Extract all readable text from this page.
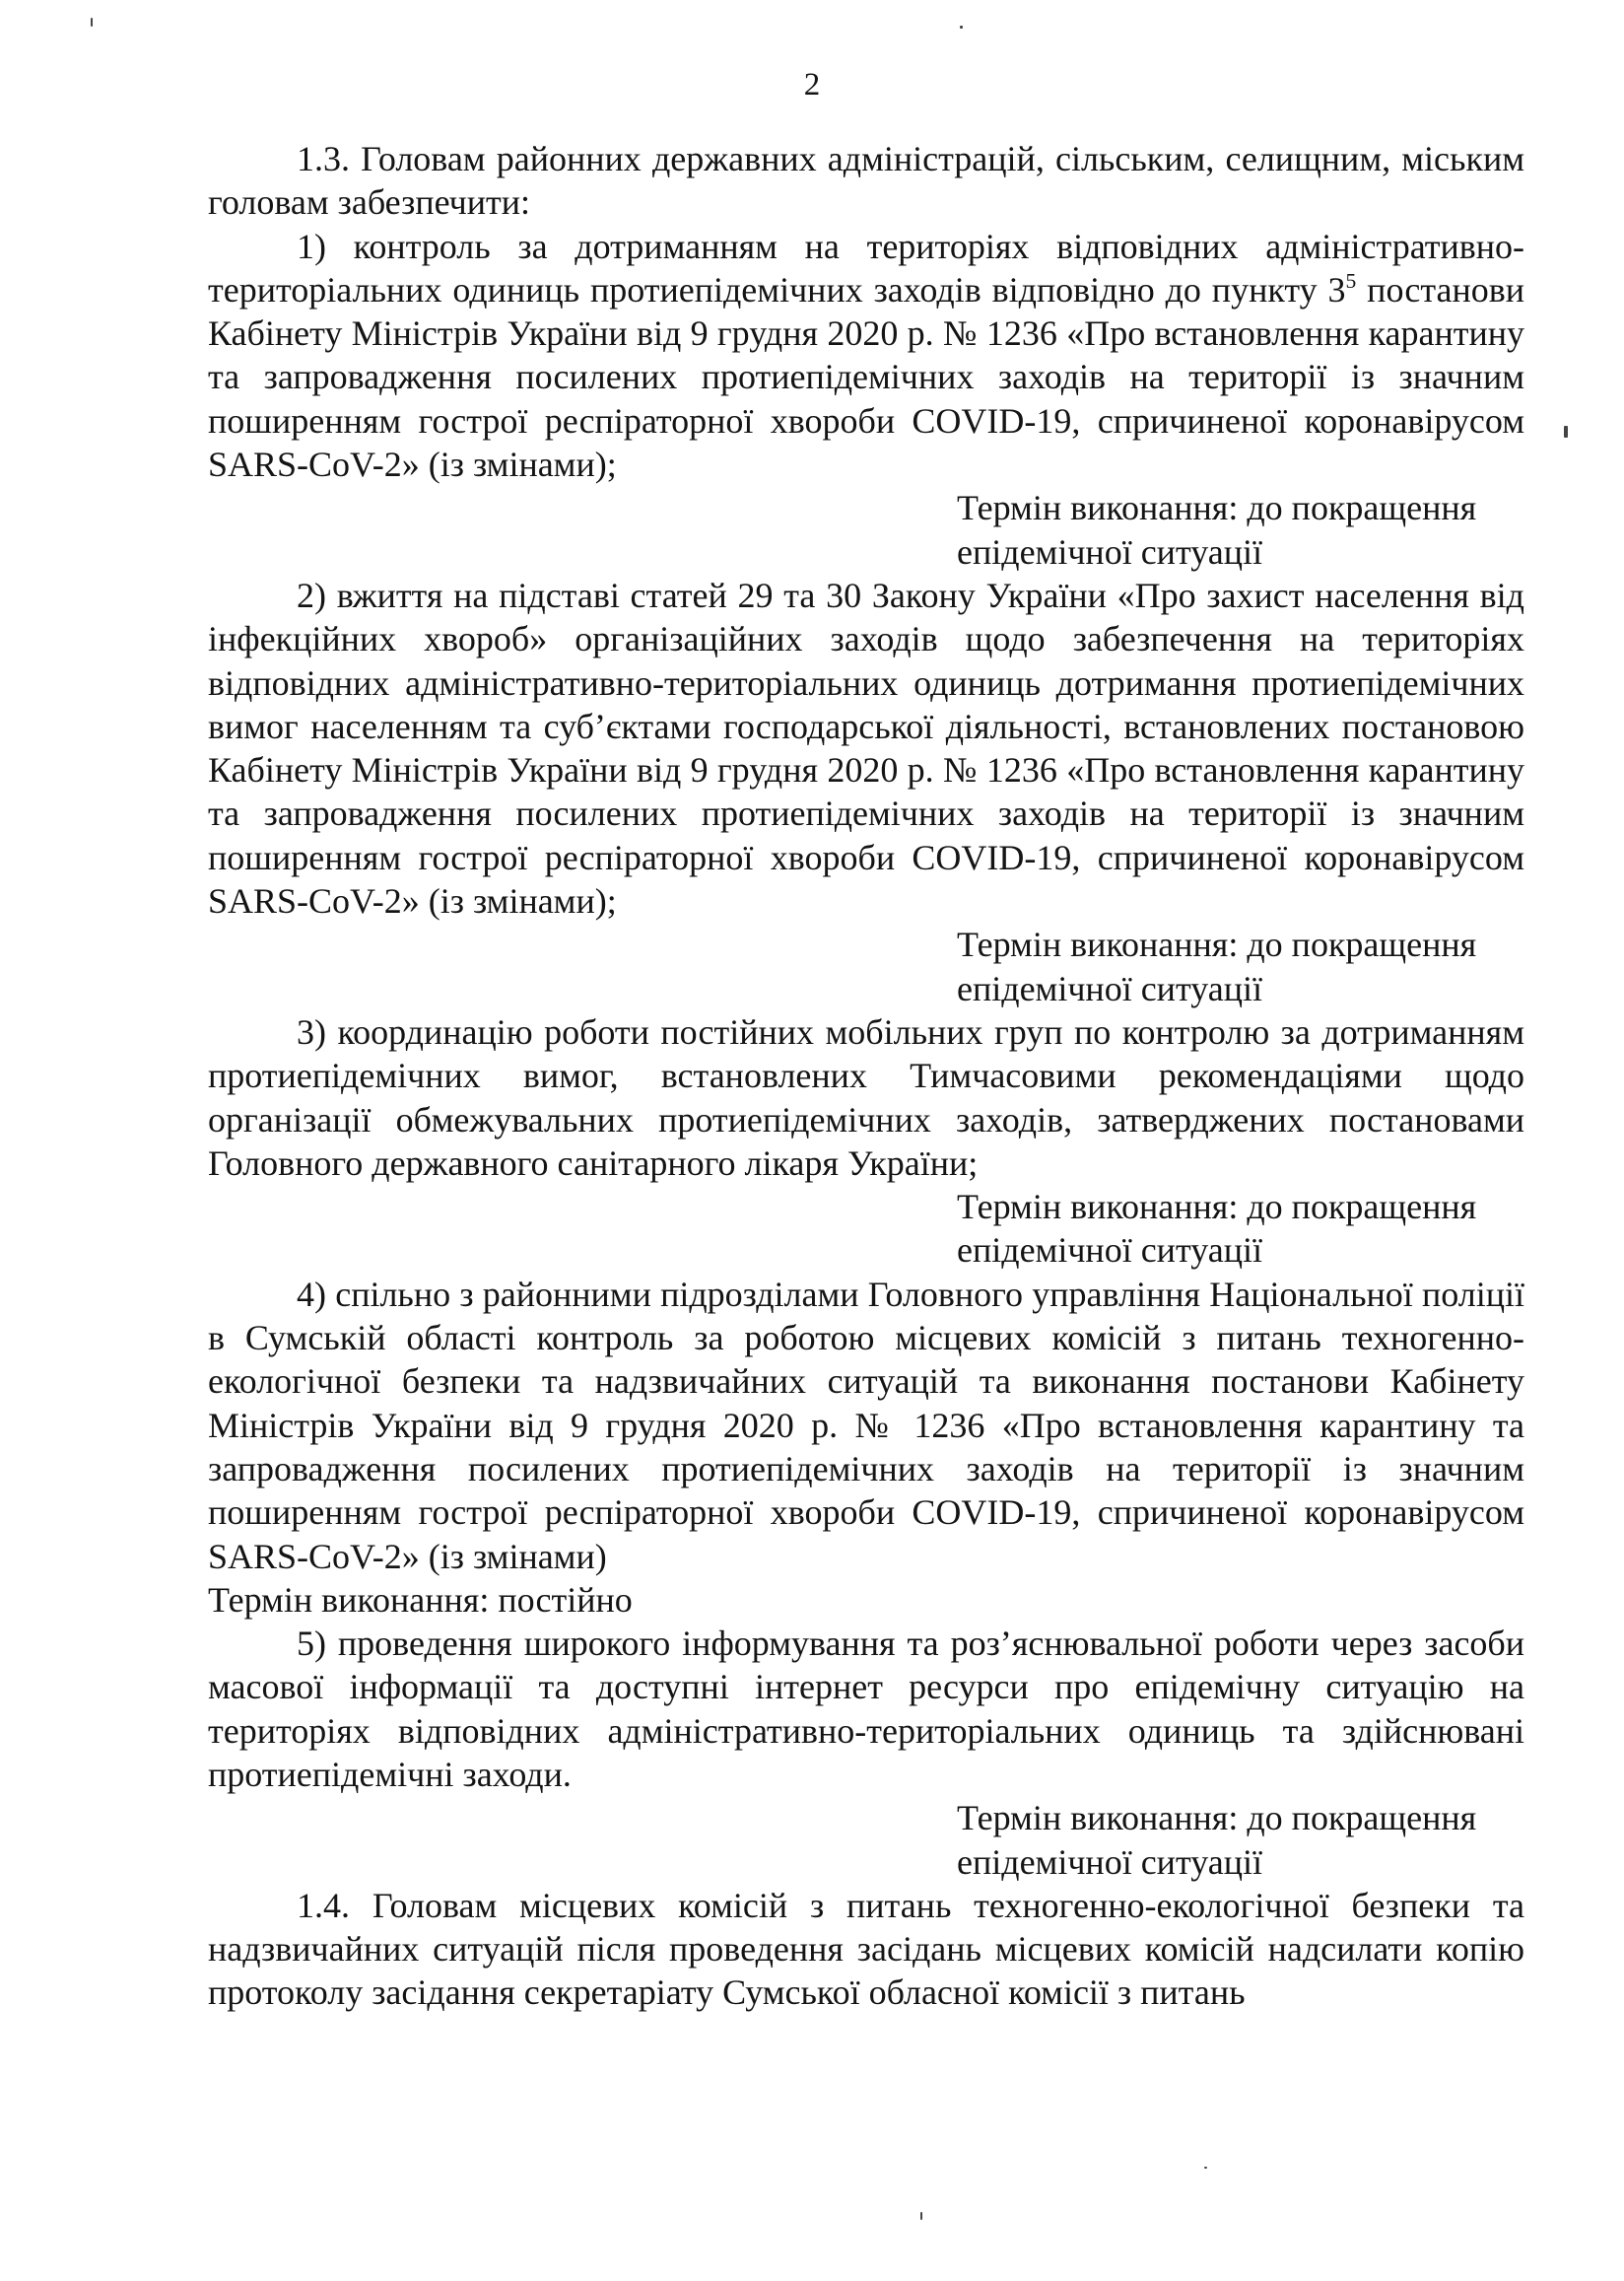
2

1.3. Головам районних державних адміністрацій, сільським, селищним, міським головам забезпечити:

1) контроль за дотриманням на територіях відповідних адміністративно-територіальних одиниць протиепідемічних заходів відповідно до пункту $3^5$ постанови Кабінету Міністрів України від 9 грудня 2020 р. № 1236 «Про встановлення карантину та запровадження посилених протиепідемічних заходів на території із значним поширенням гострої респіраторної хвороби COVID-19, спричиненої коронавірусом SARS-CoV-2» (із змінами);

Термін виконання: до покращення

епідемічної ситуації

2) вжиття на підставі статей 29 та 30 Закону України «Про захист населення від інфекційних хвороб» організаційних заходів щодо забезпечення на територіях відповідних адміністративно-територіальних одиниць дотримання протиепідемічних вимог населенням та суб’єктами господарської діяльності, встановлених постановою Кабінету Міністрів України від 9 грудня 2020 р. № 1236 «Про встановлення карантину та запровадження посилених протиепідемічних заходів на території із значним поширенням гострої респіраторної хвороби COVID-19, спричиненої коронавірусом SARS-CoV-2» (із змінами);

Термін виконання: до покращення

епідемічної ситуації

3) координацію роботи постійних мобільних груп по контролю за дотриманням протиепідемічних вимог, встановлених Тимчасовими рекомендаціями щодо організації обмежувальних протиепідемічних заходів, затверджених постановами Головного державного санітарного лікаря України;

Термін виконання: до покращення

епідемічної ситуації

4) спільно з районними підрозділами Головного управління Національної поліції в Сумській області контроль за роботою місцевих комісій з питань техногенно-екологічної безпеки та надзвичайних ситуацій та виконання постанови Кабінету Міністрів України від 9 грудня 2020 р. № 1236 «Про встановлення карантину та запровадження посилених протиепідемічних заходів на території із значним поширенням гострої респіраторної хвороби COVID-19, спричиненої коронавірусом SARS-CoV-2» (із змінами)

Термін виконання: постійно

5) проведення широкого інформування та роз’яснювальної роботи через засоби масової інформації та доступні інтернет ресурси про епідемічну ситуацію на територіях відповідних адміністративно-територіальних одиниць та здійснювані протиепідемічні заходи.

Термін виконання: до покращення

епідемічної ситуації

1.4. Головам місцевих комісій з питань техногенно-екологічної безпеки та надзвичайних ситуацій після проведення засідань місцевих комісій надсилати копію протоколу засідання секретаріату Сумської обласної комісії з питань
